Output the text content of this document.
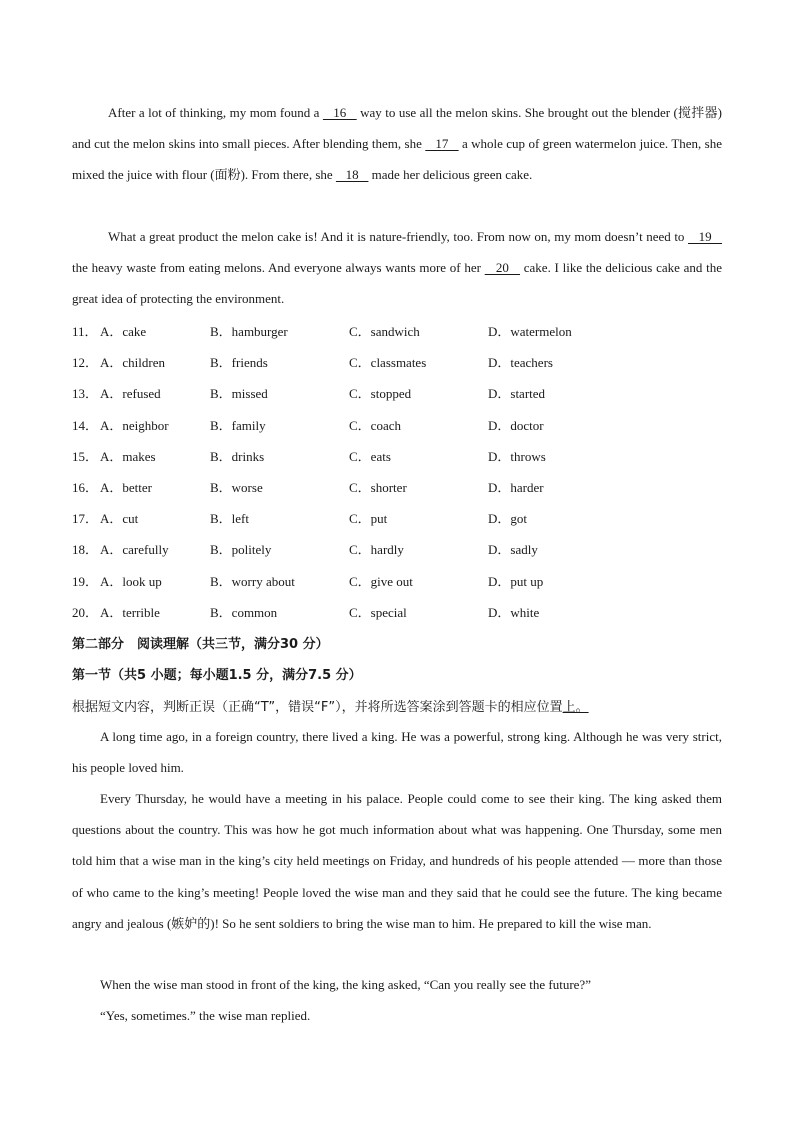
After a lot of thinking, my mom found a    16    way to use all the melon skins. She brought out the blender (搅拌器) and cut the melon skins into small pieces. After blending them, she    17    a whole cup of green watermelon juice. Then, she mixed the juice with flour (面粉). From there, she    18    made her delicious green cake.

What a great product the melon cake is! And it is nature-friendly, too. From now on, my mom doesn’t need to    19    the heavy waste from eating melons. And everyone always wants more of her    20    cake. I like the delicious cake and the great idea of protecting the environment.

11． A．cake	B．hamburger	C．sandwich	D．watermelon
12． A．children	B．friends	C．classmates	D．teachers
13． A．refused	B．missed	C．stopped	D．started
14． A．neighbor	B．family	C．coach	D．doctor
15． A．makes	B．drinks	C．eats	D．throws
16． A．better	B．worse	C．shorter	D．harder
17． A．cut	B．left	C．put	D．got
18． A．carefully	B．politely	C．hardly	D．sadly
19． A．look up	B．worry about	C．give out	D．put up
20． A．terrible	B．common	C．special	D．white
第二部分　阅读理解（共三节，满分30 分）
第一节（共5 小题；每小题1.5 分，满分7.5 分）
根据短文内容，判断正误（正确“T”，错误“F”），并将所选答案涂到答题卡的相应位置上。

A long time ago, in a foreign country, there lived a king. He was a powerful, strong king. Although he was very strict, his people loved him.

Every Thursday, he would have a meeting in his palace. People could come to see their king. The king asked them questions about the country. This was how he got much information about what was happening. One Thursday, some men told him that a wise man in the king’s city held meetings on Friday, and hundreds of his people attended — more than those of who came to the king’s meeting! People loved the wise man and they said that he could see the future. The king became angry and jealous (嫉妒的)! So he sent soldiers to bring the wise man to him. He prepared to kill the wise man.

When the wise man stood in front of the king, the king asked, “Can you really see the future?”

“Yes, sometimes.” the wise man replied.
